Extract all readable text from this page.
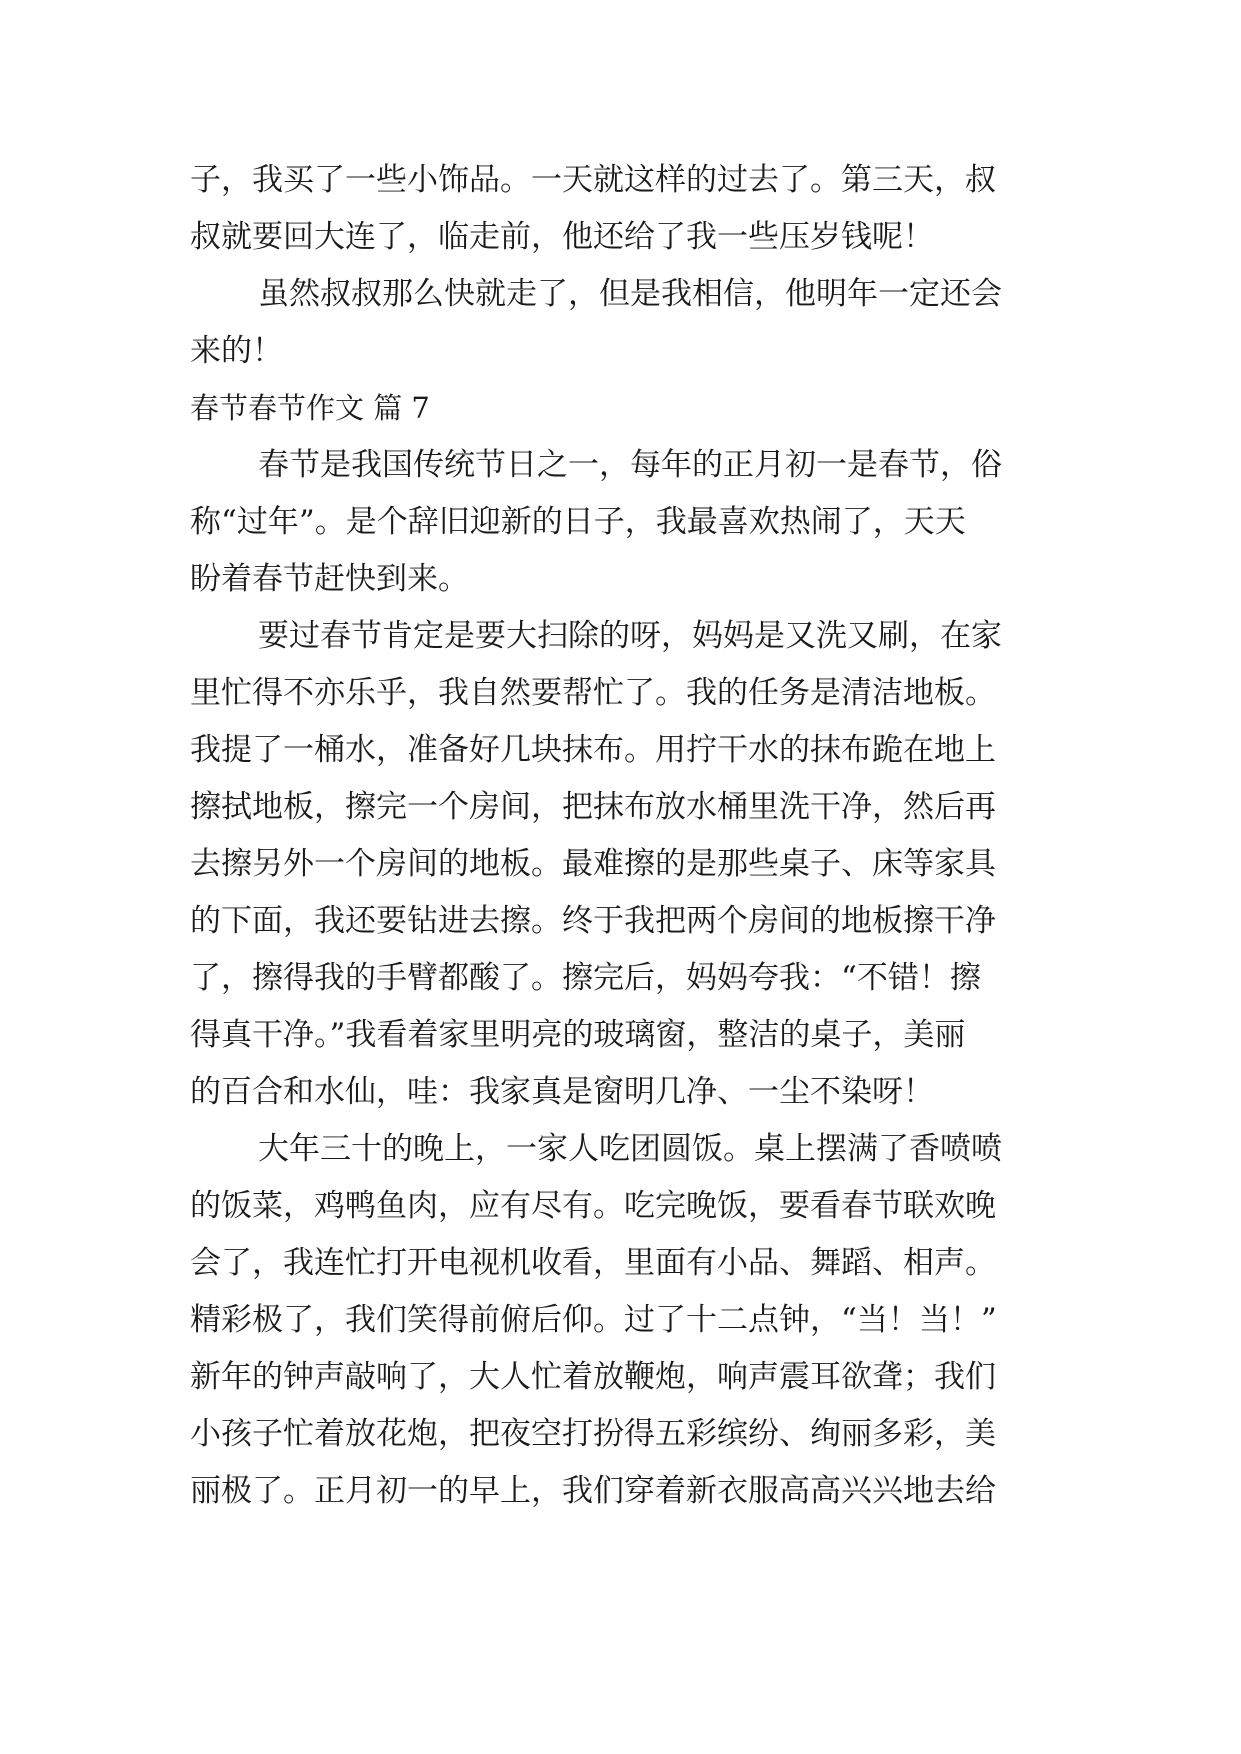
子，我买了一些小饰品。一天就这样的过去了。第三天，叔
叔就要回大连了，临走前，他还给了我一些压岁钱呢！
虽然叔叔那么快就走了，但是我相信，他明年一定还会
来的！
春节春节作文 篇 7
春节是我国传统节日之一，每年的正月初一是春节，俗
称“过年”。是个辞旧迎新的日子，我最喜欢热闹了，天天
盼着春节赶快到来。
要过春节肯定是要大扫除的呀，妈妈是又洗又刷，在家
里忙得不亦乐乎，我自然要帮忙了。我的任务是清洁地板。
我提了一桶水，准备好几块抹布。用拧干水的抹布跪在地上
擦拭地板，擦完一个房间，把抹布放水桶里洗干净，然后再
去擦另外一个房间的地板。最难擦的是那些桌子、床等家具
的下面，我还要钻进去擦。终于我把两个房间的地板擦干净
了，擦得我的手臂都酸了。擦完后，妈妈夸我：“不错！擦
得真干净。”我看着家里明亮的玻璃窗，整洁的桌子，美丽
的百合和水仙，哇：我家真是窗明几净、一尘不染呀！
大年三十的晚上，一家人吃团圆饭。桌上摆满了香喷喷
的饭菜，鸡鸭鱼肉，应有尽有。吃完晚饭，要看春节联欢晚
会了，我连忙打开电视机收看，里面有小品、舞蹈、相声。
精彩极了，我们笑得前俯后仰。过了十二点钟，“当！当！”
新年的钟声敲响了，大人忙着放鞭炮，响声震耳欲聋；我们
小孩子忙着放花炮，把夜空打扮得五彩缤纷、绚丽多彩，美
丽极了。正月初一的早上，我们穿着新衣服高高兴兴地去给
